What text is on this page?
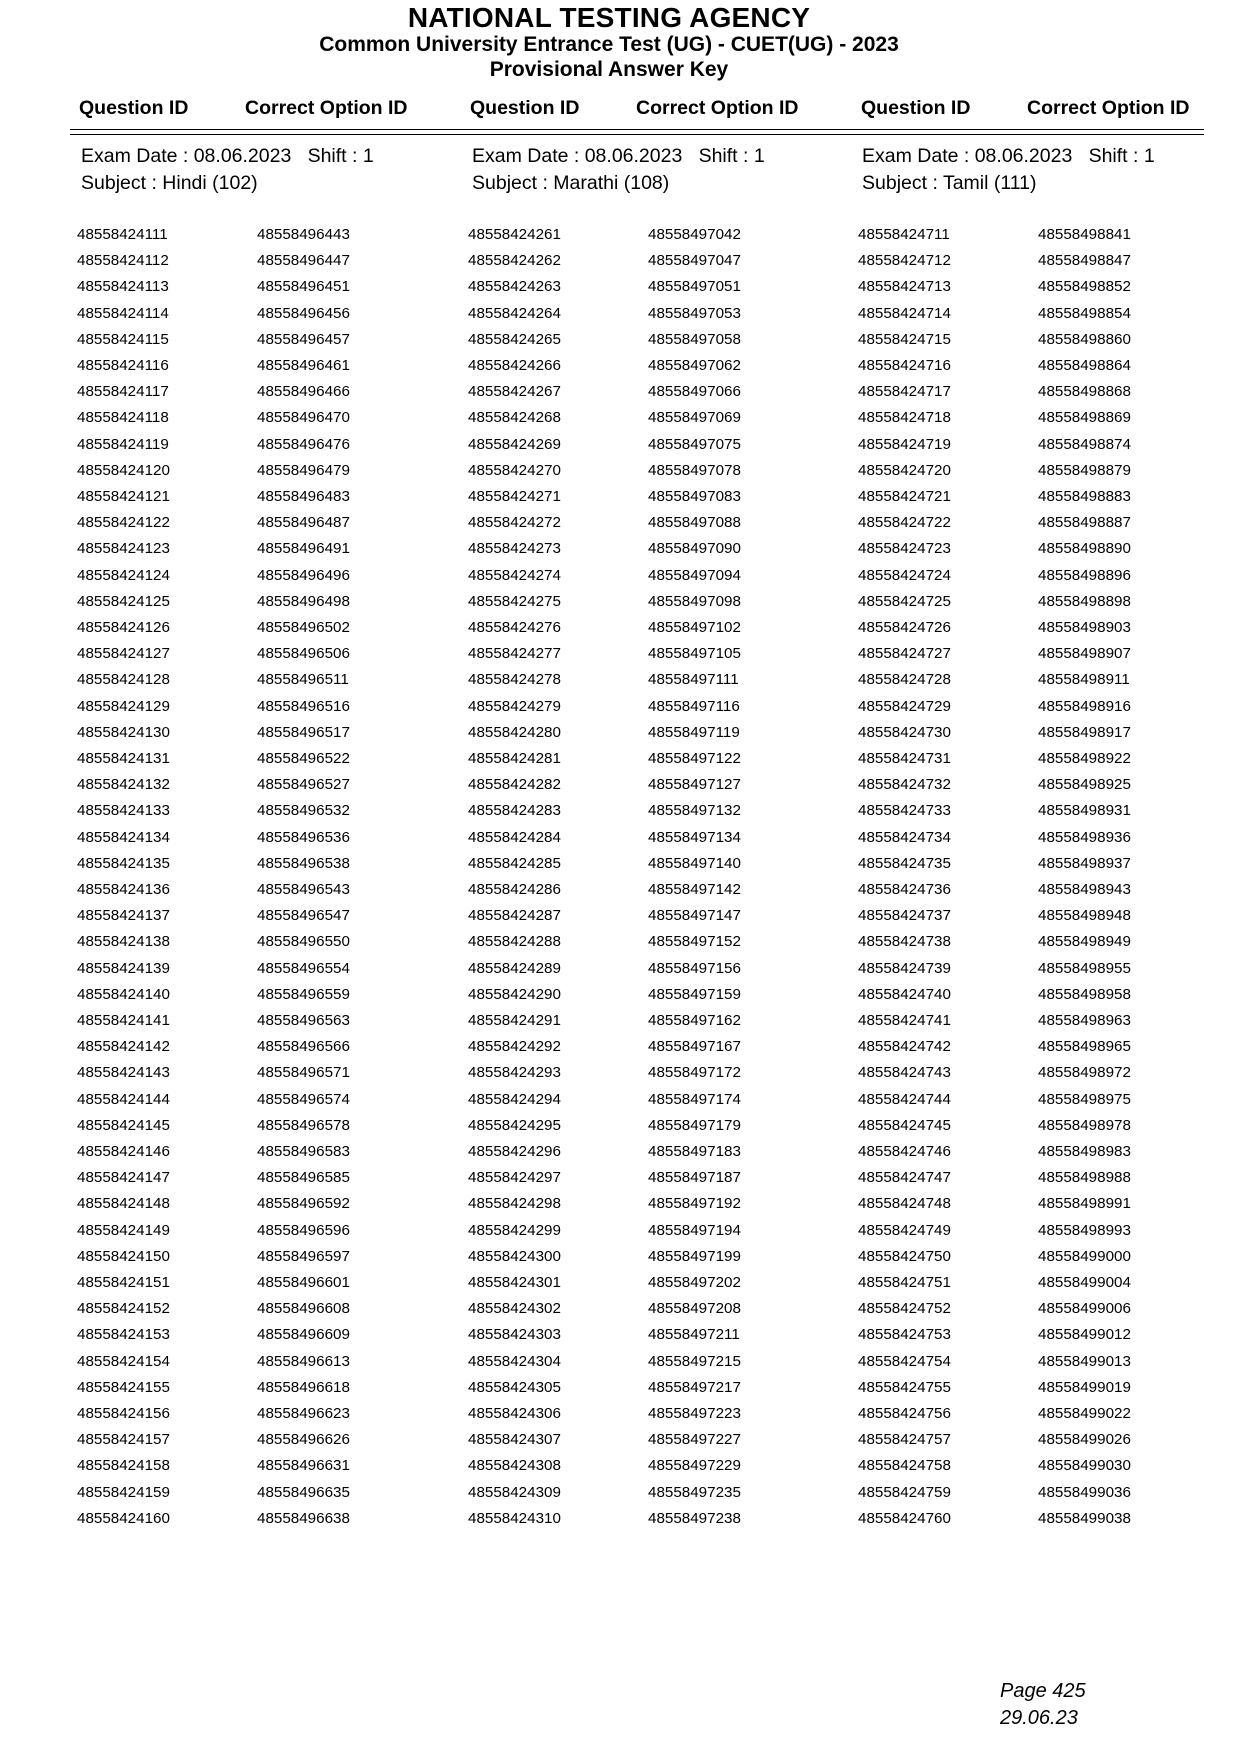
NATIONAL TESTING AGENCY
Common University Entrance Test (UG) - CUET(UG) - 2023
Provisional Answer Key
Question ID	Correct Option ID	Question ID	Correct Option ID	Question ID	Correct Option ID
Exam Date : 08.06.2023 Shift : 1
Subject : Hindi (102)
Exam Date : 08.06.2023 Shift : 1
Subject : Marathi (108)
Exam Date : 08.06.2023 Shift : 1
Subject : Tamil (111)
48558424111	48558496443	48558424261	48558497042	48558424711	48558498841
48558424112	48558496447	48558424262	48558497047	48558424712	48558498847
48558424113	48558496451	48558424263	48558497051	48558424713	48558498852
48558424114	48558496456	48558424264	48558497053	48558424714	48558498854
48558424115	48558496457	48558424265	48558497058	48558424715	48558498860
48558424116	48558496461	48558424266	48558497062	48558424716	48558498864
48558424117	48558496466	48558424267	48558497066	48558424717	48558498868
48558424118	48558496470	48558424268	48558497069	48558424718	48558498869
48558424119	48558496476	48558424269	48558497075	48558424719	48558498874
48558424120	48558496479	48558424270	48558497078	48558424720	48558498879
48558424121	48558496483	48558424271	48558497083	48558424721	48558498883
48558424122	48558496487	48558424272	48558497088	48558424722	48558498887
48558424123	48558496491	48558424273	48558497090	48558424723	48558498890
48558424124	48558496496	48558424274	48558497094	48558424724	48558498896
48558424125	48558496498	48558424275	48558497098	48558424725	48558498898
48558424126	48558496502	48558424276	48558497102	48558424726	48558498903
48558424127	48558496506	48558424277	48558497105	48558424727	48558498907
48558424128	48558496511	48558424278	48558497111	48558424728	48558498911
48558424129	48558496516	48558424279	48558497116	48558424729	48558498916
48558424130	48558496517	48558424280	48558497119	48558424730	48558498917
48558424131	48558496522	48558424281	48558497122	48558424731	48558498922
48558424132	48558496527	48558424282	48558497127	48558424732	48558498925
48558424133	48558496532	48558424283	48558497132	48558424733	48558498931
48558424134	48558496536	48558424284	48558497134	48558424734	48558498936
48558424135	48558496538	48558424285	48558497140	48558424735	48558498937
48558424136	48558496543	48558424286	48558497142	48558424736	48558498943
48558424137	48558496547	48558424287	48558497147	48558424737	48558498948
48558424138	48558496550	48558424288	48558497152	48558424738	48558498949
48558424139	48558496554	48558424289	48558497156	48558424739	48558498955
48558424140	48558496559	48558424290	48558497159	48558424740	48558498958
48558424141	48558496563	48558424291	48558497162	48558424741	48558498963
48558424142	48558496566	48558424292	48558497167	48558424742	48558498965
48558424143	48558496571	48558424293	48558497172	48558424743	48558498972
48558424144	48558496574	48558424294	48558497174	48558424744	48558498975
48558424145	48558496578	48558424295	48558497179	48558424745	48558498978
48558424146	48558496583	48558424296	48558497183	48558424746	48558498983
48558424147	48558496585	48558424297	48558497187	48558424747	48558498988
48558424148	48558496592	48558424298	48558497192	48558424748	48558498991
48558424149	48558496596	48558424299	48558497194	48558424749	48558498993
48558424150	48558496597	48558424300	48558497199	48558424750	48558499000
48558424151	48558496601	48558424301	48558497202	48558424751	48558499004
48558424152	48558496608	48558424302	48558497208	48558424752	48558499006
48558424153	48558496609	48558424303	48558497211	48558424753	48558499012
48558424154	48558496613	48558424304	48558497215	48558424754	48558499013
48558424155	48558496618	48558424305	48558497217	48558424755	48558499019
48558424156	48558496623	48558424306	48558497223	48558424756	48558499022
48558424157	48558496626	48558424307	48558497227	48558424757	48558499026
48558424158	48558496631	48558424308	48558497229	48558424758	48558499030
48558424159	48558496635	48558424309	48558497235	48558424759	48558499036
48558424160	48558496638	48558424310	48558497238	48558424760	48558499038
Page 425
29.06.23
